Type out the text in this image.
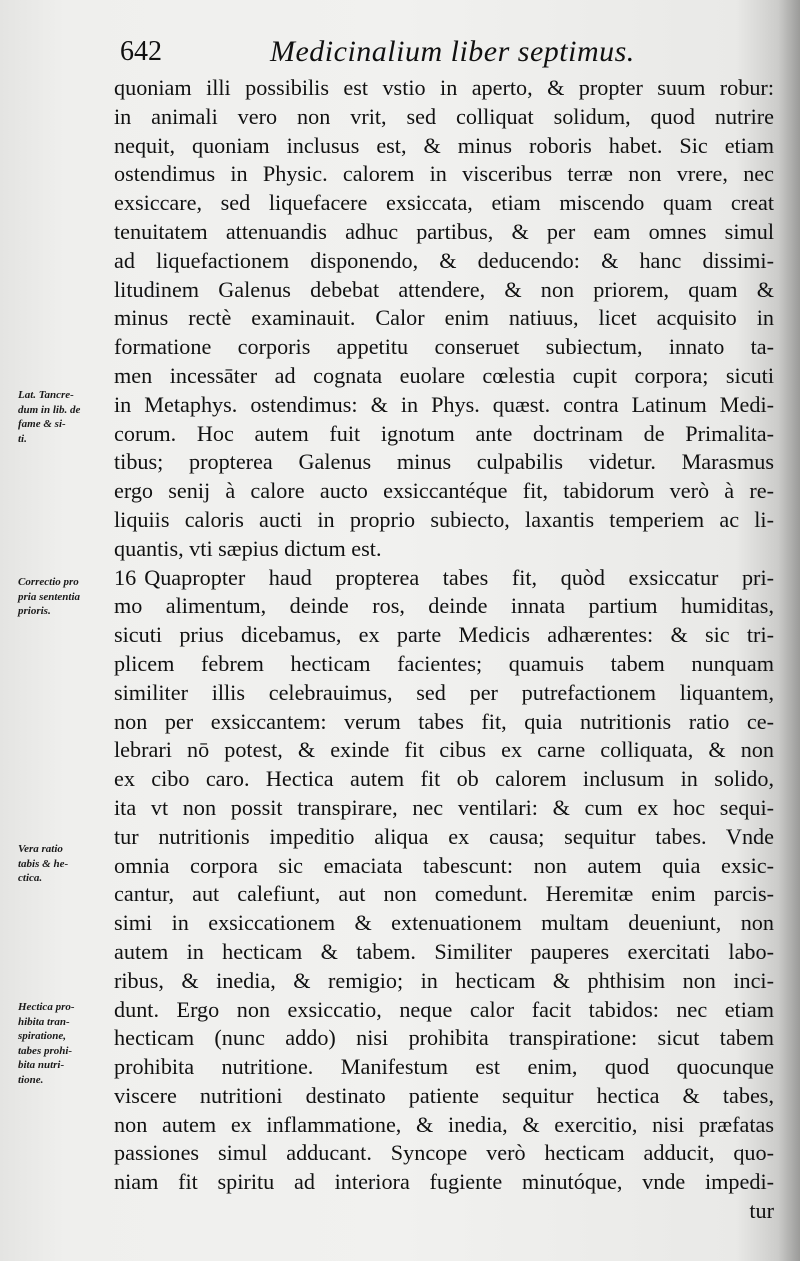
642	Medicinalium liber septimus.
quoniam illi possibilis est vstio in aperto, & propter suum robur:
in animali vero non vrit, sed colliquat solidum, quod nutrire
nequit, quoniam inclusus est, & minus roboris habet. Sic etiam
ostendimus in Physic. calorem in visceribus terræ non vrere, nec
exsiccare, sed liquefacere exsiccata, etiam miscendo quam creat
tenuitatem attenuandis adhuc partibus, & per eam omnes simul
ad liquefactionem disponendo, & deducendo: & hanc dissimi-
litudinem Galenus debebat attendere, & non priorem, quam &
minus rectè examinauit. Calor enim natiuus, licet acquisito in
formatione corporis appetitu conseruet subiectum, innato ta-
men incessāter ad cognata euolare cœlestia cupit corpora; sicuti
in Metaphys. ostendimus: & in Phys. quæst. contra Latinum Medi-
corum. Hoc autem fuit ignotum ante doctrinam de Primalita-
tibus; propterea Galenus minus culpabilis videtur. Marasmus
ergo senij à calore aucto exsiccantéque fit, tabidorum verò à re-
liquiis caloris aucti in proprio subiecto, laxantis temperiem ac li-
quantis, vti sæpius dictum est.
16 Quapropter haud propterea tabes fit, quòd exsiccatur pri-
mo alimentum, deinde ros, deinde innata partium humiditas,
sicuti prius dicebamus, ex parte Medicis adhærentes: & sic tri-
plicem febrem hecticam facientes; quamuis tabem nunquam
similiter illis celebrauimus, sed per putrefactionem liquantem,
non per exsiccantem: verum tabes fit, quia nutritionis ratio ce-
lebrari nō potest, & exinde fit cibus ex carne colliquata, & non
ex cibo caro. Hectica autem fit ob calorem inclusum in solido,
ita vt non possit transpirare, nec ventilari: & cum ex hoc sequi-
tur nutritionis impeditio aliqua ex causa; sequitur tabes. Vnde
omnia corpora sic emaciata tabescunt: non autem quia exsic-
cantur, aut calefiunt, aut non comedunt. Heremitæ enim parcis-
simi in exsiccationem & extenuationem multam deueniunt, non
autem in hecticam & tabem. Similiter pauperes exercitati labo-
ribus, & inedia, & remigio; in hecticam & phthisim non inci-
dunt. Ergo non exsiccatio, neque calor facit tabidos: nec etiam
hecticam (nunc addo) nisi prohibita transpiratione: sicut tabem
prohibita nutritione. Manifestum est enim, quod quocunque
viscere nutritioni destinato patiente sequitur hectica & tabes,
non autem ex inflammatione, & inedia, & exercitio, nisi præfatas
passiones simul adducant. Syncope verò hecticam adducit, quo-
niam fit spiritu ad interiora fugiente minutóque, vnde impedi-
tur
Lat. Tancre-
dum in lib. de
fame & si-
ti.
Correctio pro
pria sententia
prioris.
Vera ratio
tabis & he-
ctica.
Hectica pro-
hibita tran-
spiratione,
tabes prohi-
bita nutri-
tione.
